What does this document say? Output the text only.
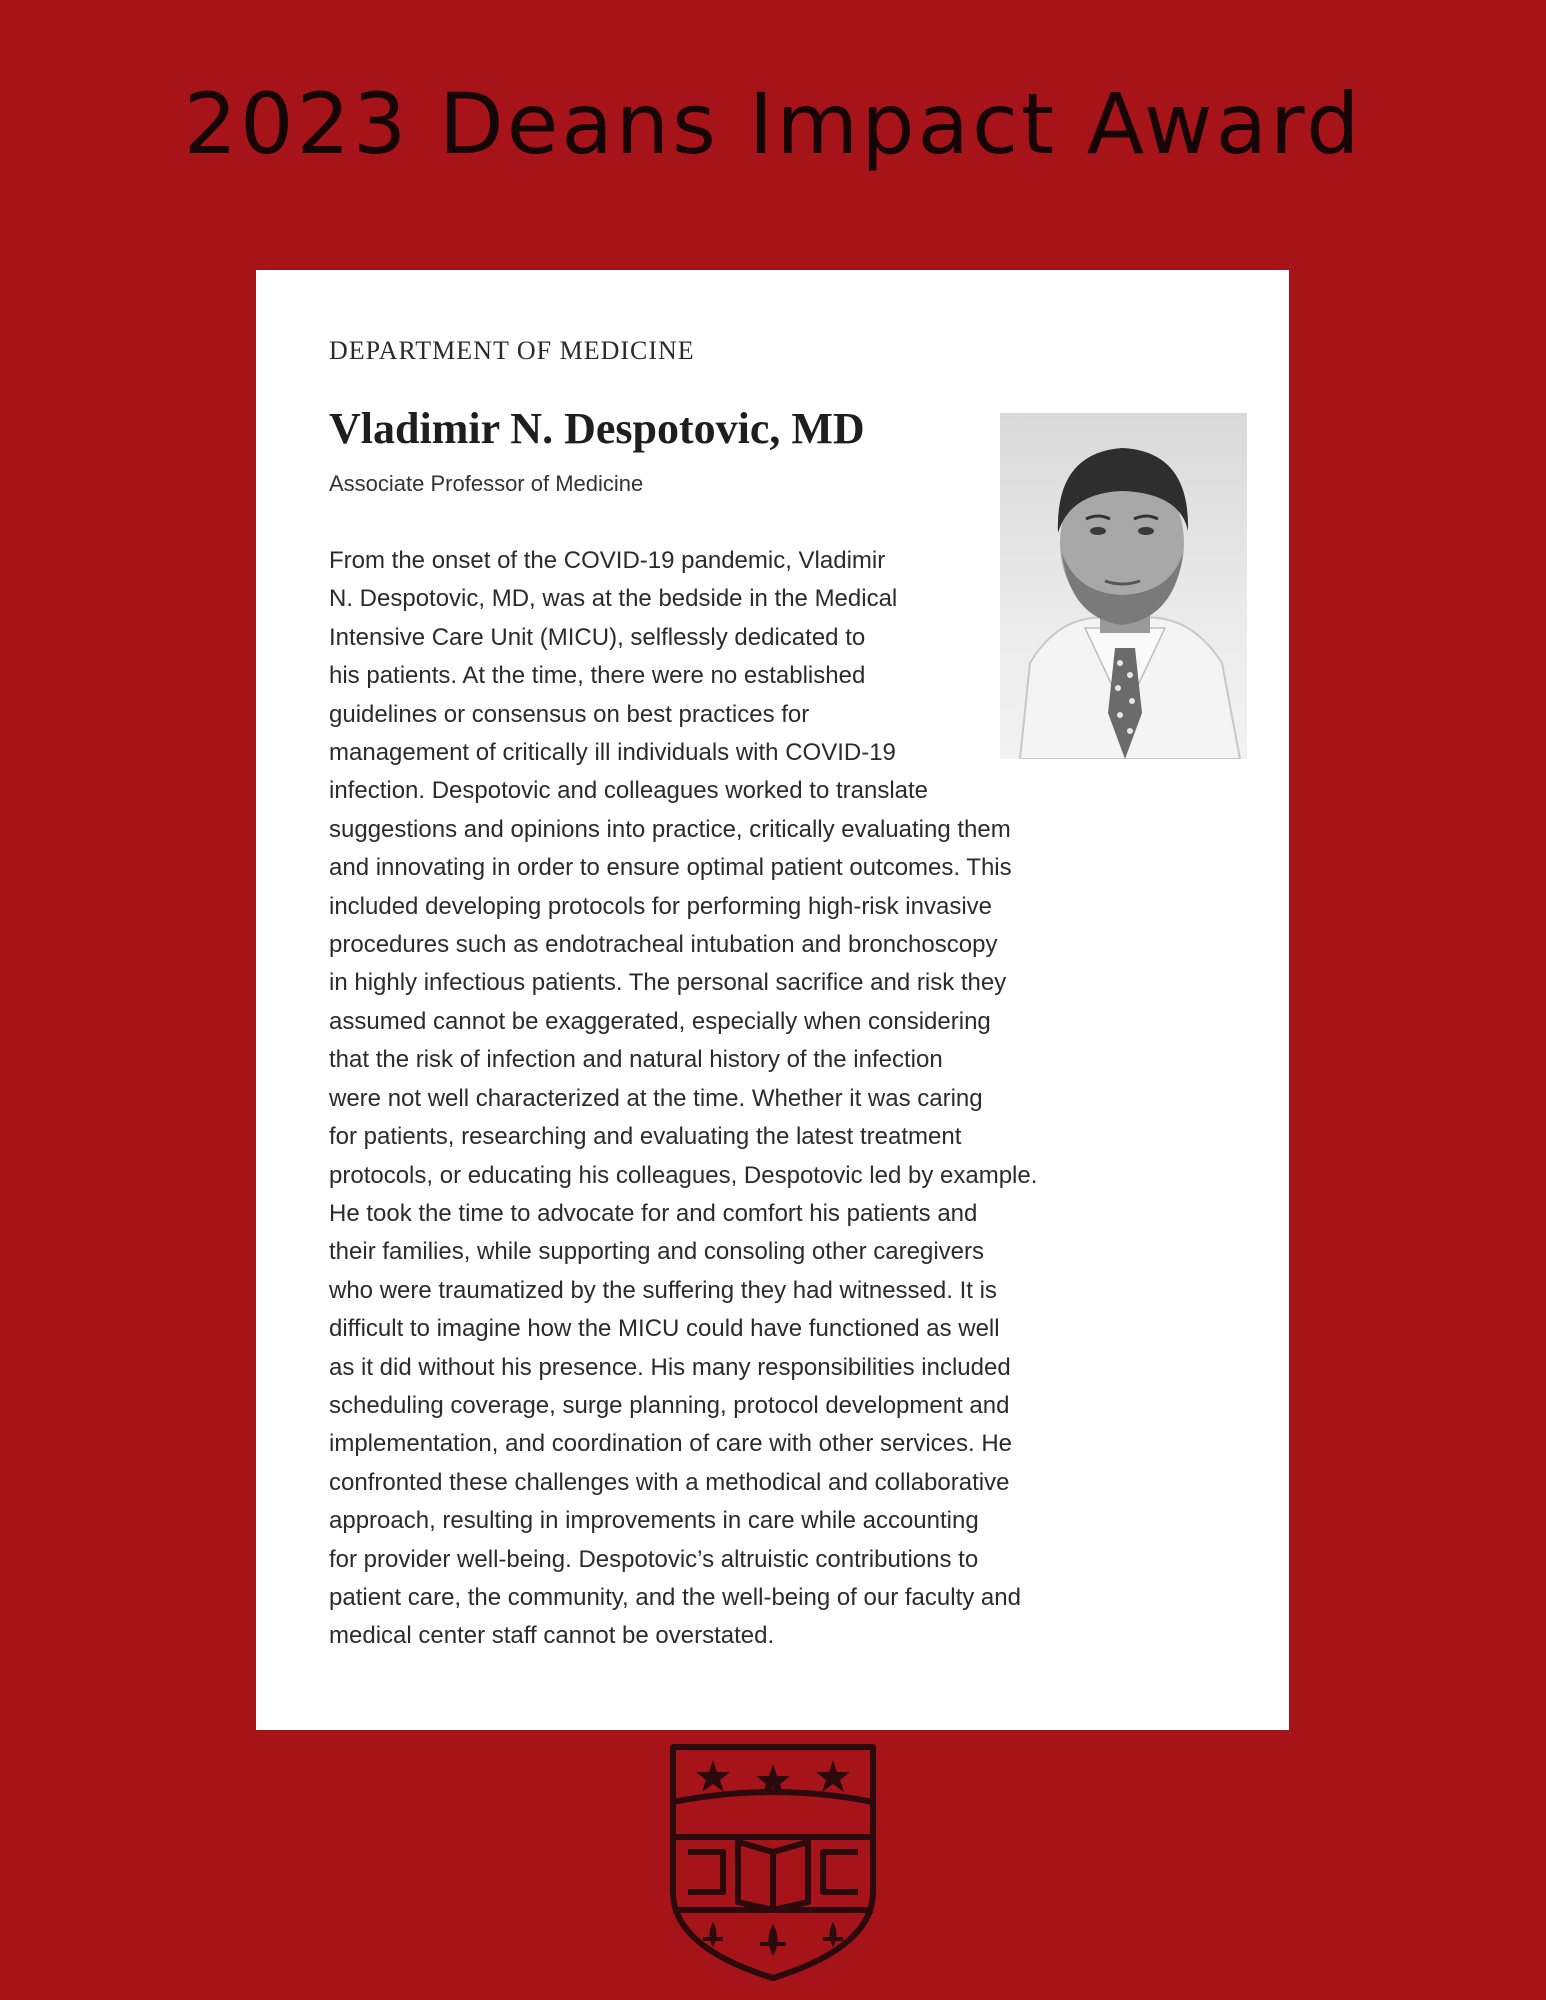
2023 Deans Impact Award
DEPARTMENT OF MEDICINE
Vladimir N. Despotovic, MD
Associate Professor of Medicine
From the onset of the COVID-19 pandemic, Vladimir
N. Despotovic, MD, was at the bedside in the Medical
Intensive Care Unit (MICU), selflessly dedicated to
his patients. At the time, there were no established
guidelines or consensus on best practices for
management of critically ill individuals with COVID-19
infection. Despotovic and colleagues worked to translate
suggestions and opinions into practice, critically evaluating them
and innovating in order to ensure optimal patient outcomes. This
included developing protocols for performing high-risk invasive
procedures such as endotracheal intubation and bronchoscopy
in highly infectious patients. The personal sacrifice and risk they
assumed cannot be exaggerated, especially when considering
that the risk of infection and natural history of the infection
were not well characterized at the time. Whether it was caring
for patients, researching and evaluating the latest treatment
protocols, or educating his colleagues, Despotovic led by example.
He took the time to advocate for and comfort his patients and
their families, while supporting and consoling other caregivers
who were traumatized by the suffering they had witnessed. It is
difficult to imagine how the MICU could have functioned as well
as it did without his presence. His many responsibilities included
scheduling coverage, surge planning, protocol development and
implementation, and coordination of care with other services. He
confronted these challenges with a methodical and collaborative
approach, resulting in improvements in care while accounting
for provider well-being. Despotovic’s altruistic contributions to
patient care, the community, and the well-being of our faculty and
medical center staff cannot be overstated.
